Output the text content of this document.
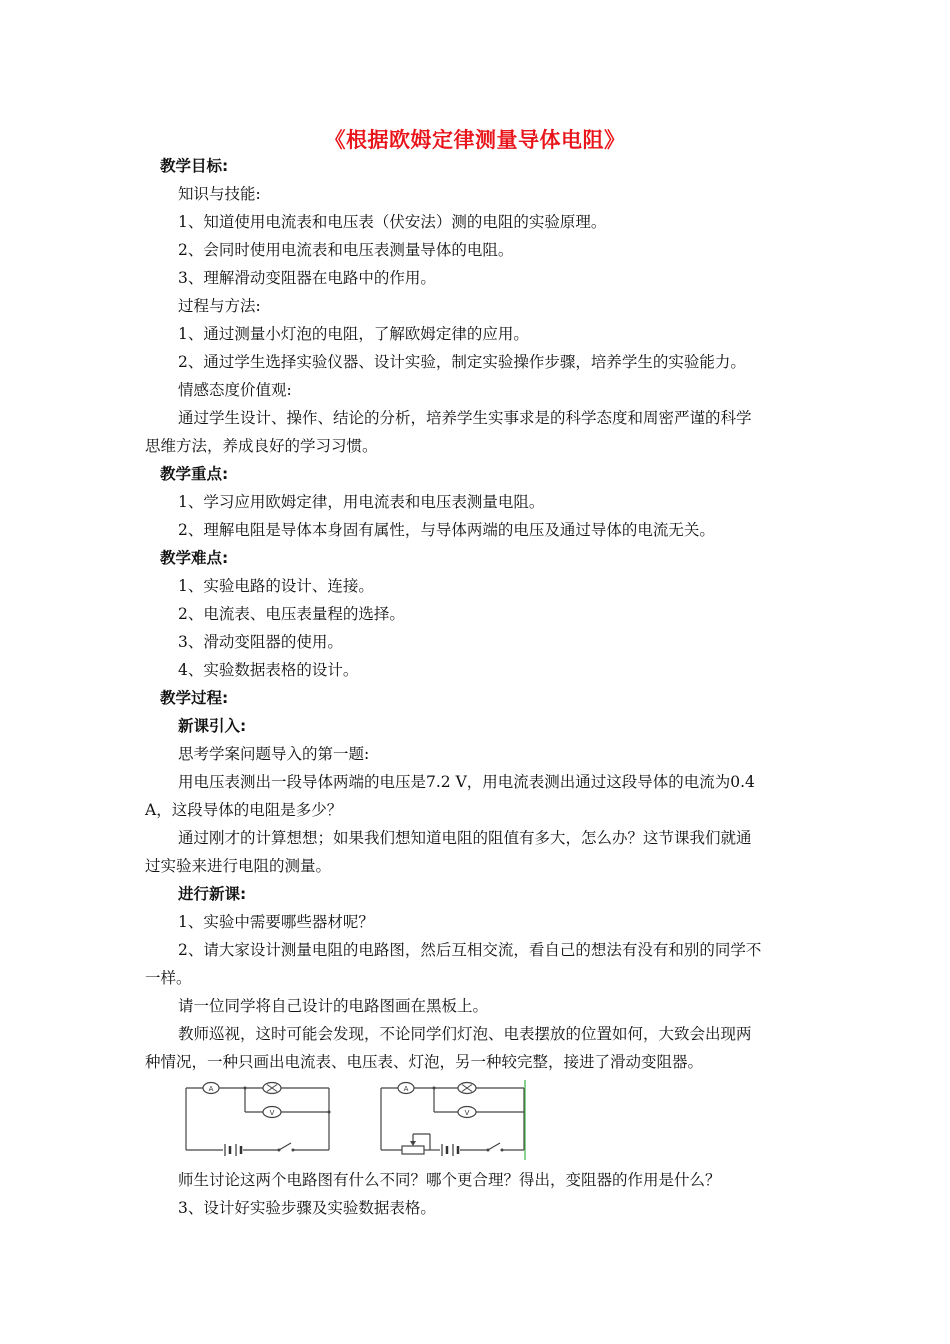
《根据欧姆定律测量导体电阻》
教学目标:
知识与技能:
1、知道使用电流表和电压表（伏安法）测的电阻的实验原理。
2、会同时使用电流表和电压表测量导体的电阻。
3、理解滑动变阻器在电路中的作用。
过程与方法:
1、通过测量小灯泡的电阻，了解欧姆定律的应用。
2、通过学生选择实验仪器、设计实验，制定实验操作步骤，培养学生的实验能力。
情感态度价值观:
通过学生设计、操作、结论的分析，培养学生实事求是的科学态度和周密严谨的科学
思维方法，养成良好的学习习惯。
教学重点:
1、学习应用欧姆定律，用电流表和电压表测量电阻。
2、理解电阻是导体本身固有属性，与导体两端的电压及通过导体的电流无关。
教学难点:
1、实验电路的设计、连接。
2、电流表、电压表量程的选择。
3、滑动变阻器的使用。
4、实验数据表格的设计。
教学过程:
新课引入:
思考学案问题导入的第一题:
用电压表测出一段导体两端的电压是7.2 V，用电流表测出通过这段导体的电流为0.4
A，这段导体的电阻是多少？
通过刚才的计算想想；如果我们想知道电阻的阻值有多大，怎么办？这节课我们就通
过实验来进行电阻的测量。
进行新课:
1、实验中需要哪些器材呢？
2、请大家设计测量电阻的电路图，然后互相交流，看自己的想法有没有和别的同学不
一样。
请一位同学将自己设计的电路图画在黑板上。
教师巡视，这时可能会发现，不论同学们灯泡、电表摆放的位置如何，大致会出现两
种情况，一种只画出电流表、电压表、灯泡，另一种较完整，接进了滑动变阻器。
A
V
A
V
师生讨论这两个电路图有什么不同？哪个更合理？得出，变阻器的作用是什么？
3、设计好实验步骤及实验数据表格。
